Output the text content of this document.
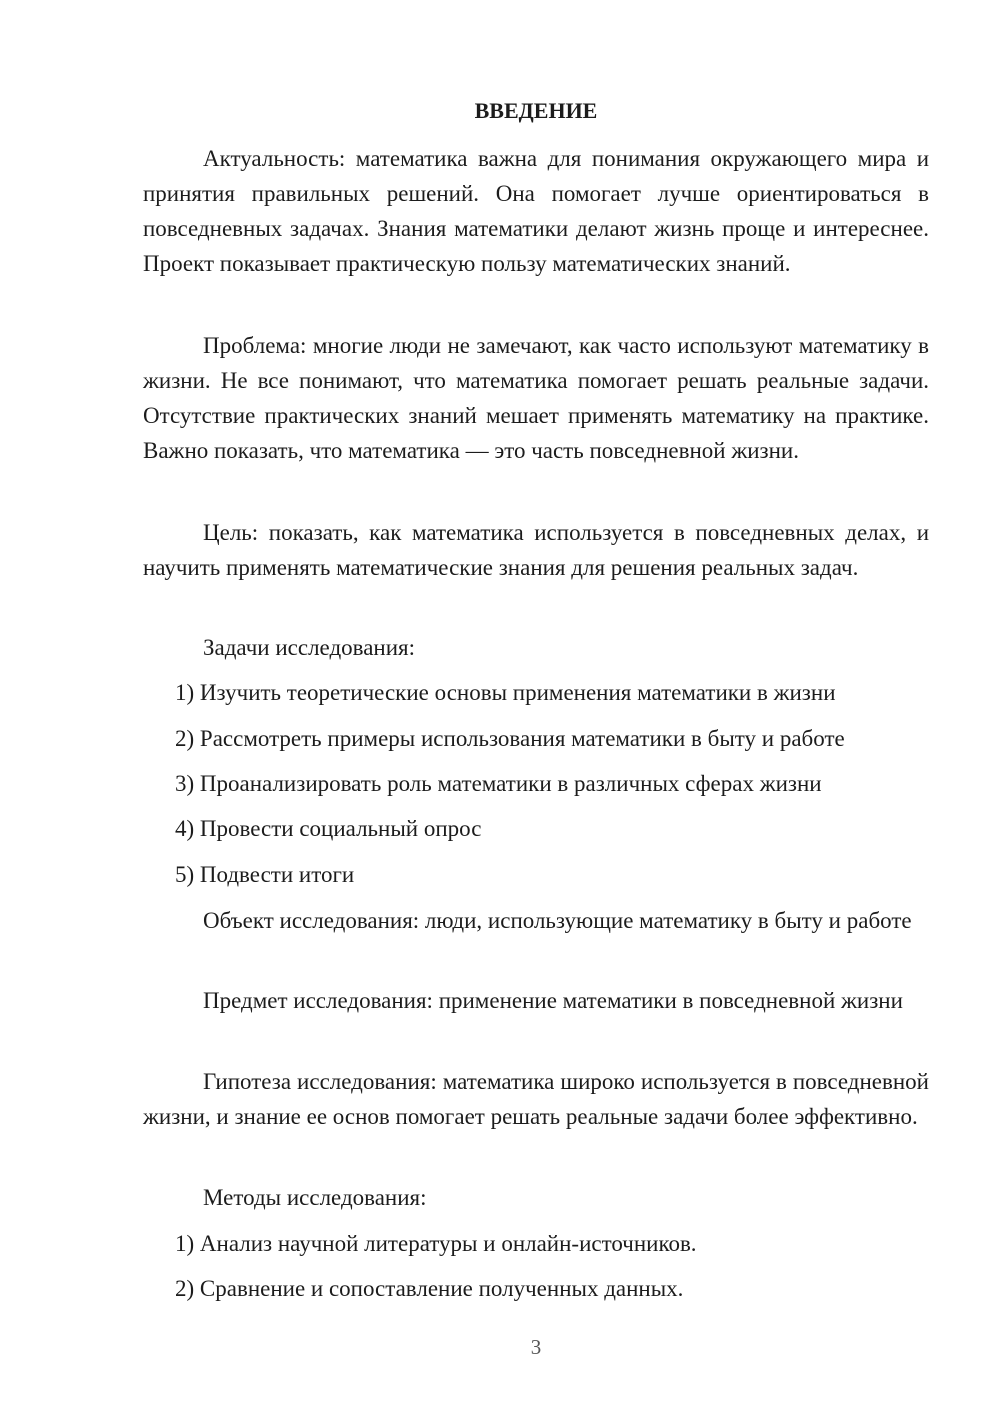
ВВЕДЕНИЕ

Актуальность: математика важна для понимания окружающего мира и принятия правильных решений. Она помогает лучше ориентироваться в повседневных задачах. Знания математики делают жизнь проще и интереснее. Проект показывает практическую пользу математических знаний.

Проблема: многие люди не замечают, как часто используют математику в жизни. Не все понимают, что математика помогает решать реальные задачи. Отсутствие практических знаний мешает применять математику на практике. Важно показать, что математика — это часть повседневной жизни.

Цель: показать, как математика используется в повседневных делах, и научить применять математические знания для решения реальных задач.

Задачи исследования:

1) Изучить теоретические основы применения математики в жизни

2) Рассмотреть примеры использования математики в быту и работе

3) Проанализировать роль математики в различных сферах жизни

4) Провести социальный опрос

5) Подвести итоги

Объект исследования: люди, использующие математику в быту и работе

Предмет исследования: применение математики в повседневной жизни

Гипотеза исследования: математика широко используется в повседневной жизни, и знание ее основ помогает решать реальные задачи более эффективно.

Методы исследования:

1) Анализ научной литературы и онлайн-источников.

2) Сравнение и сопоставление полученных данных.

3
